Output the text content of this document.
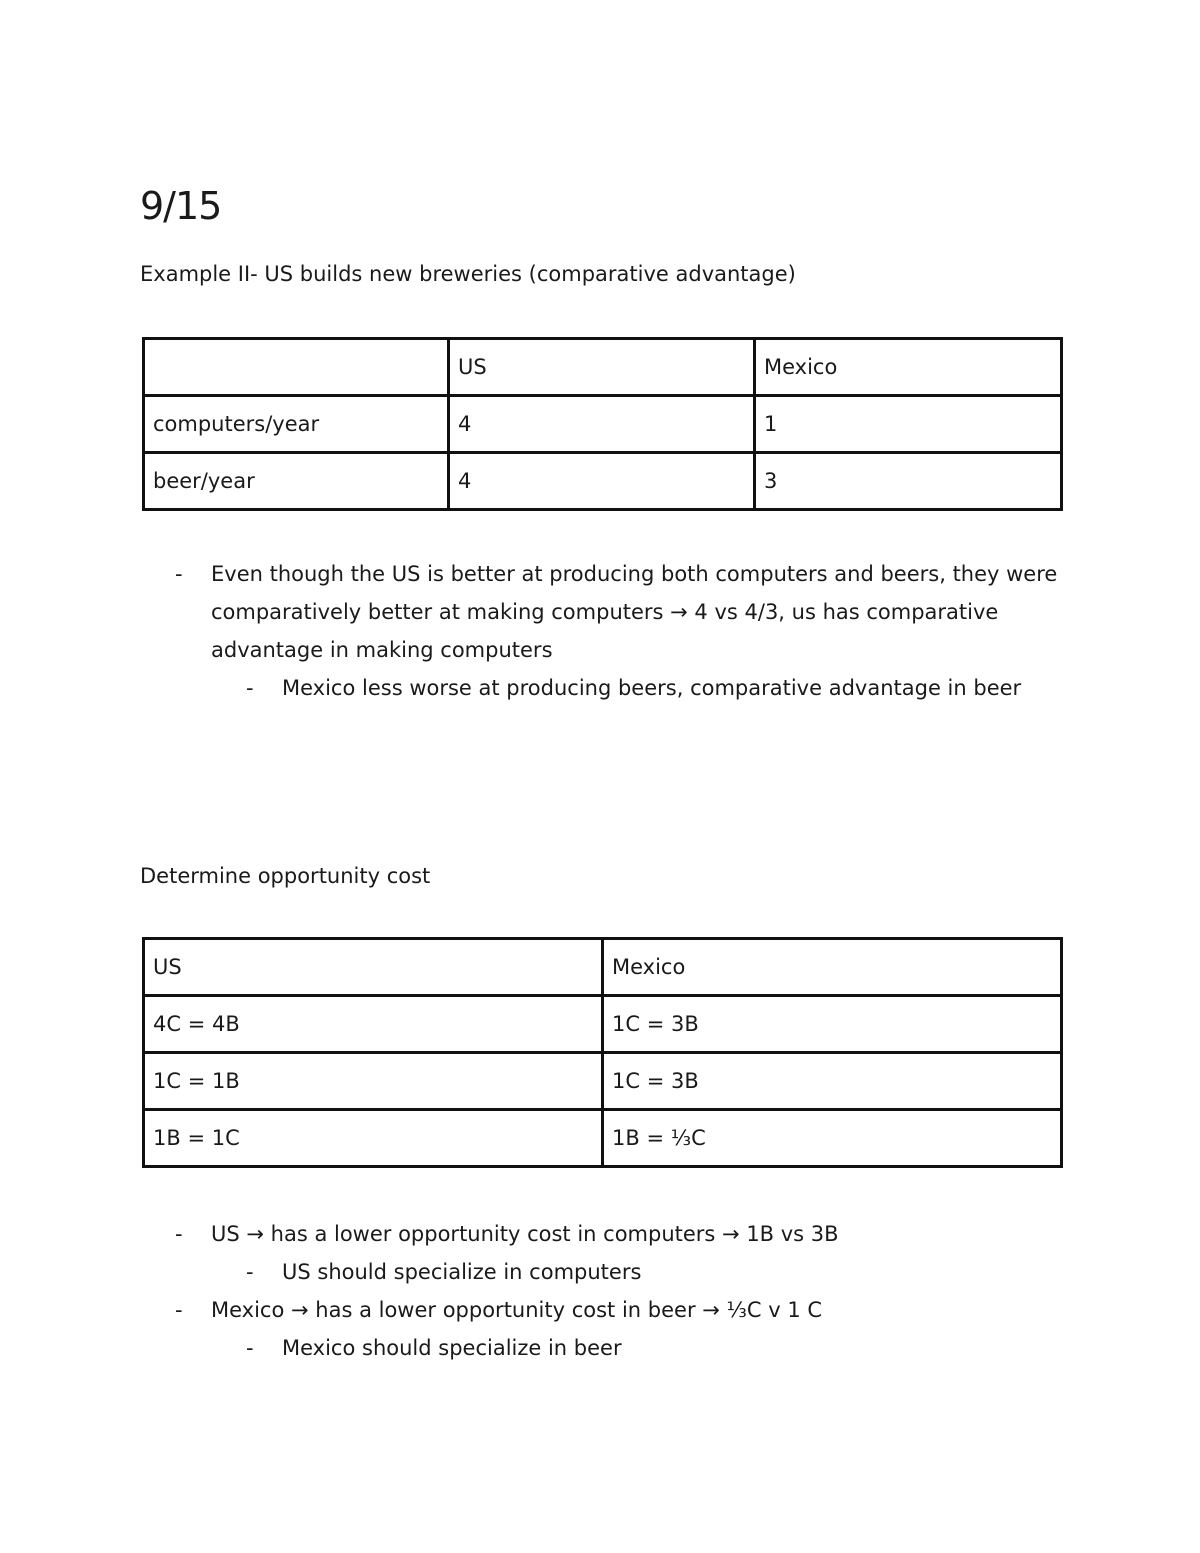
9/15

Example II- US builds new breweries (comparative advantage)

	US	Mexico
computers/year	4	1
beer/year	4	3
- Even though the US is better at producing both computers and beers, they were comparatively better at making computers → 4 vs 4/3, us has comparative advantage in making computers
- Mexico less worse at producing beers, comparative advantage in beer

Determine opportunity cost

US	Mexico
4C = 4B	1C = 3B
1C = 1B	1C = 3B
1B = 1C	1B = ⅓C
- US → has a lower opportunity cost in computers → 1B vs 3B
- US should specialize in computers
- Mexico → has a lower opportunity cost in beer → ⅓C v 1 C
- Mexico should specialize in beer
